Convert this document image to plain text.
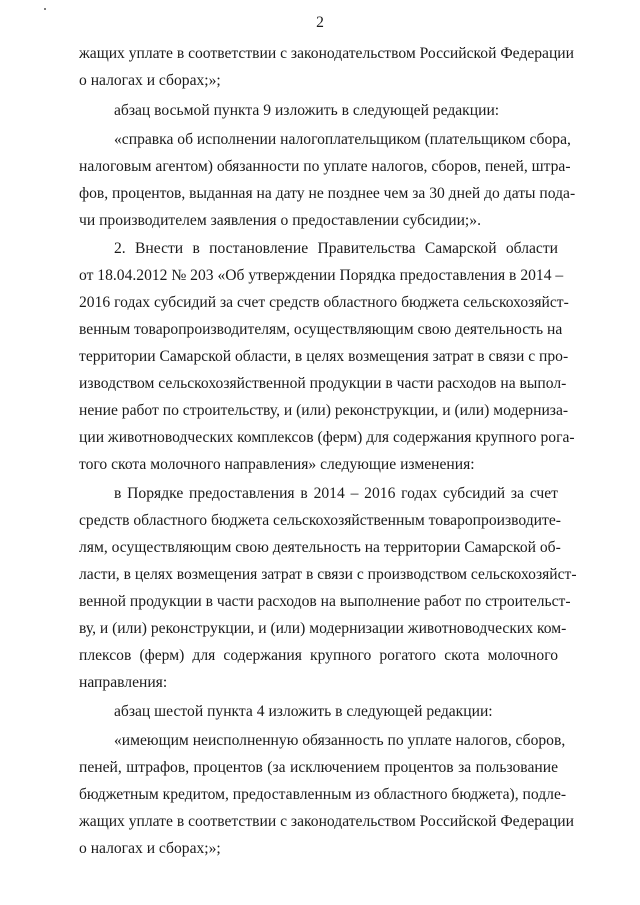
2
жащих уплате в соответствии с законодательством Российской Федерации
о налогах и сборах;»;
абзац восьмой пункта 9 изложить в следующей редакции:
«справка об исполнении налогоплательщиком (плательщиком сбора,
налоговым агентом) обязанности по уплате налогов, сборов, пеней, штра-
фов, процентов, выданная на дату не позднее чем за 30 дней до даты пода-
чи производителем заявления о предоставлении субсидии;».
2. Внести в постановление Правительства Самарской области
от 18.04.2012 № 203 «Об утверждении Порядка предоставления в 2014 –
2016 годах субсидий за счет средств областного бюджета сельскохозяйст-
венным товаропроизводителям, осуществляющим свою деятельность на
территории Самарской области, в целях возмещения затрат в связи с про-
изводством сельскохозяйственной продукции в части расходов на выпол-
нение работ по строительству, и (или) реконструкции, и (или) модерниза-
ции животноводческих комплексов (ферм) для содержания крупного рога-
того скота молочного направления» следующие изменения:
в Порядке предоставления в 2014 – 2016 годах субсидий за счет
средств областного бюджета сельскохозяйственным товаропроизводите-
лям, осуществляющим свою деятельность на территории Самарской об-
ласти, в целях возмещения затрат в связи с производством сельскохозяйст-
венной продукции в части расходов на выполнение работ по строительст-
ву, и (или) реконструкции, и (или) модернизации животноводческих ком-
плексов (ферм) для содержания крупного рогатого скота молочного
направления:
абзац шестой пункта 4 изложить в следующей редакции:
«имеющим неисполненную обязанность по уплате налогов, сборов,
пеней, штрафов, процентов (за исключением процентов за пользование
бюджетным кредитом, предоставленным из областного бюджета), подле-
жащих уплате в соответствии с законодательством Российской Федерации
о налогах и сборах;»;
